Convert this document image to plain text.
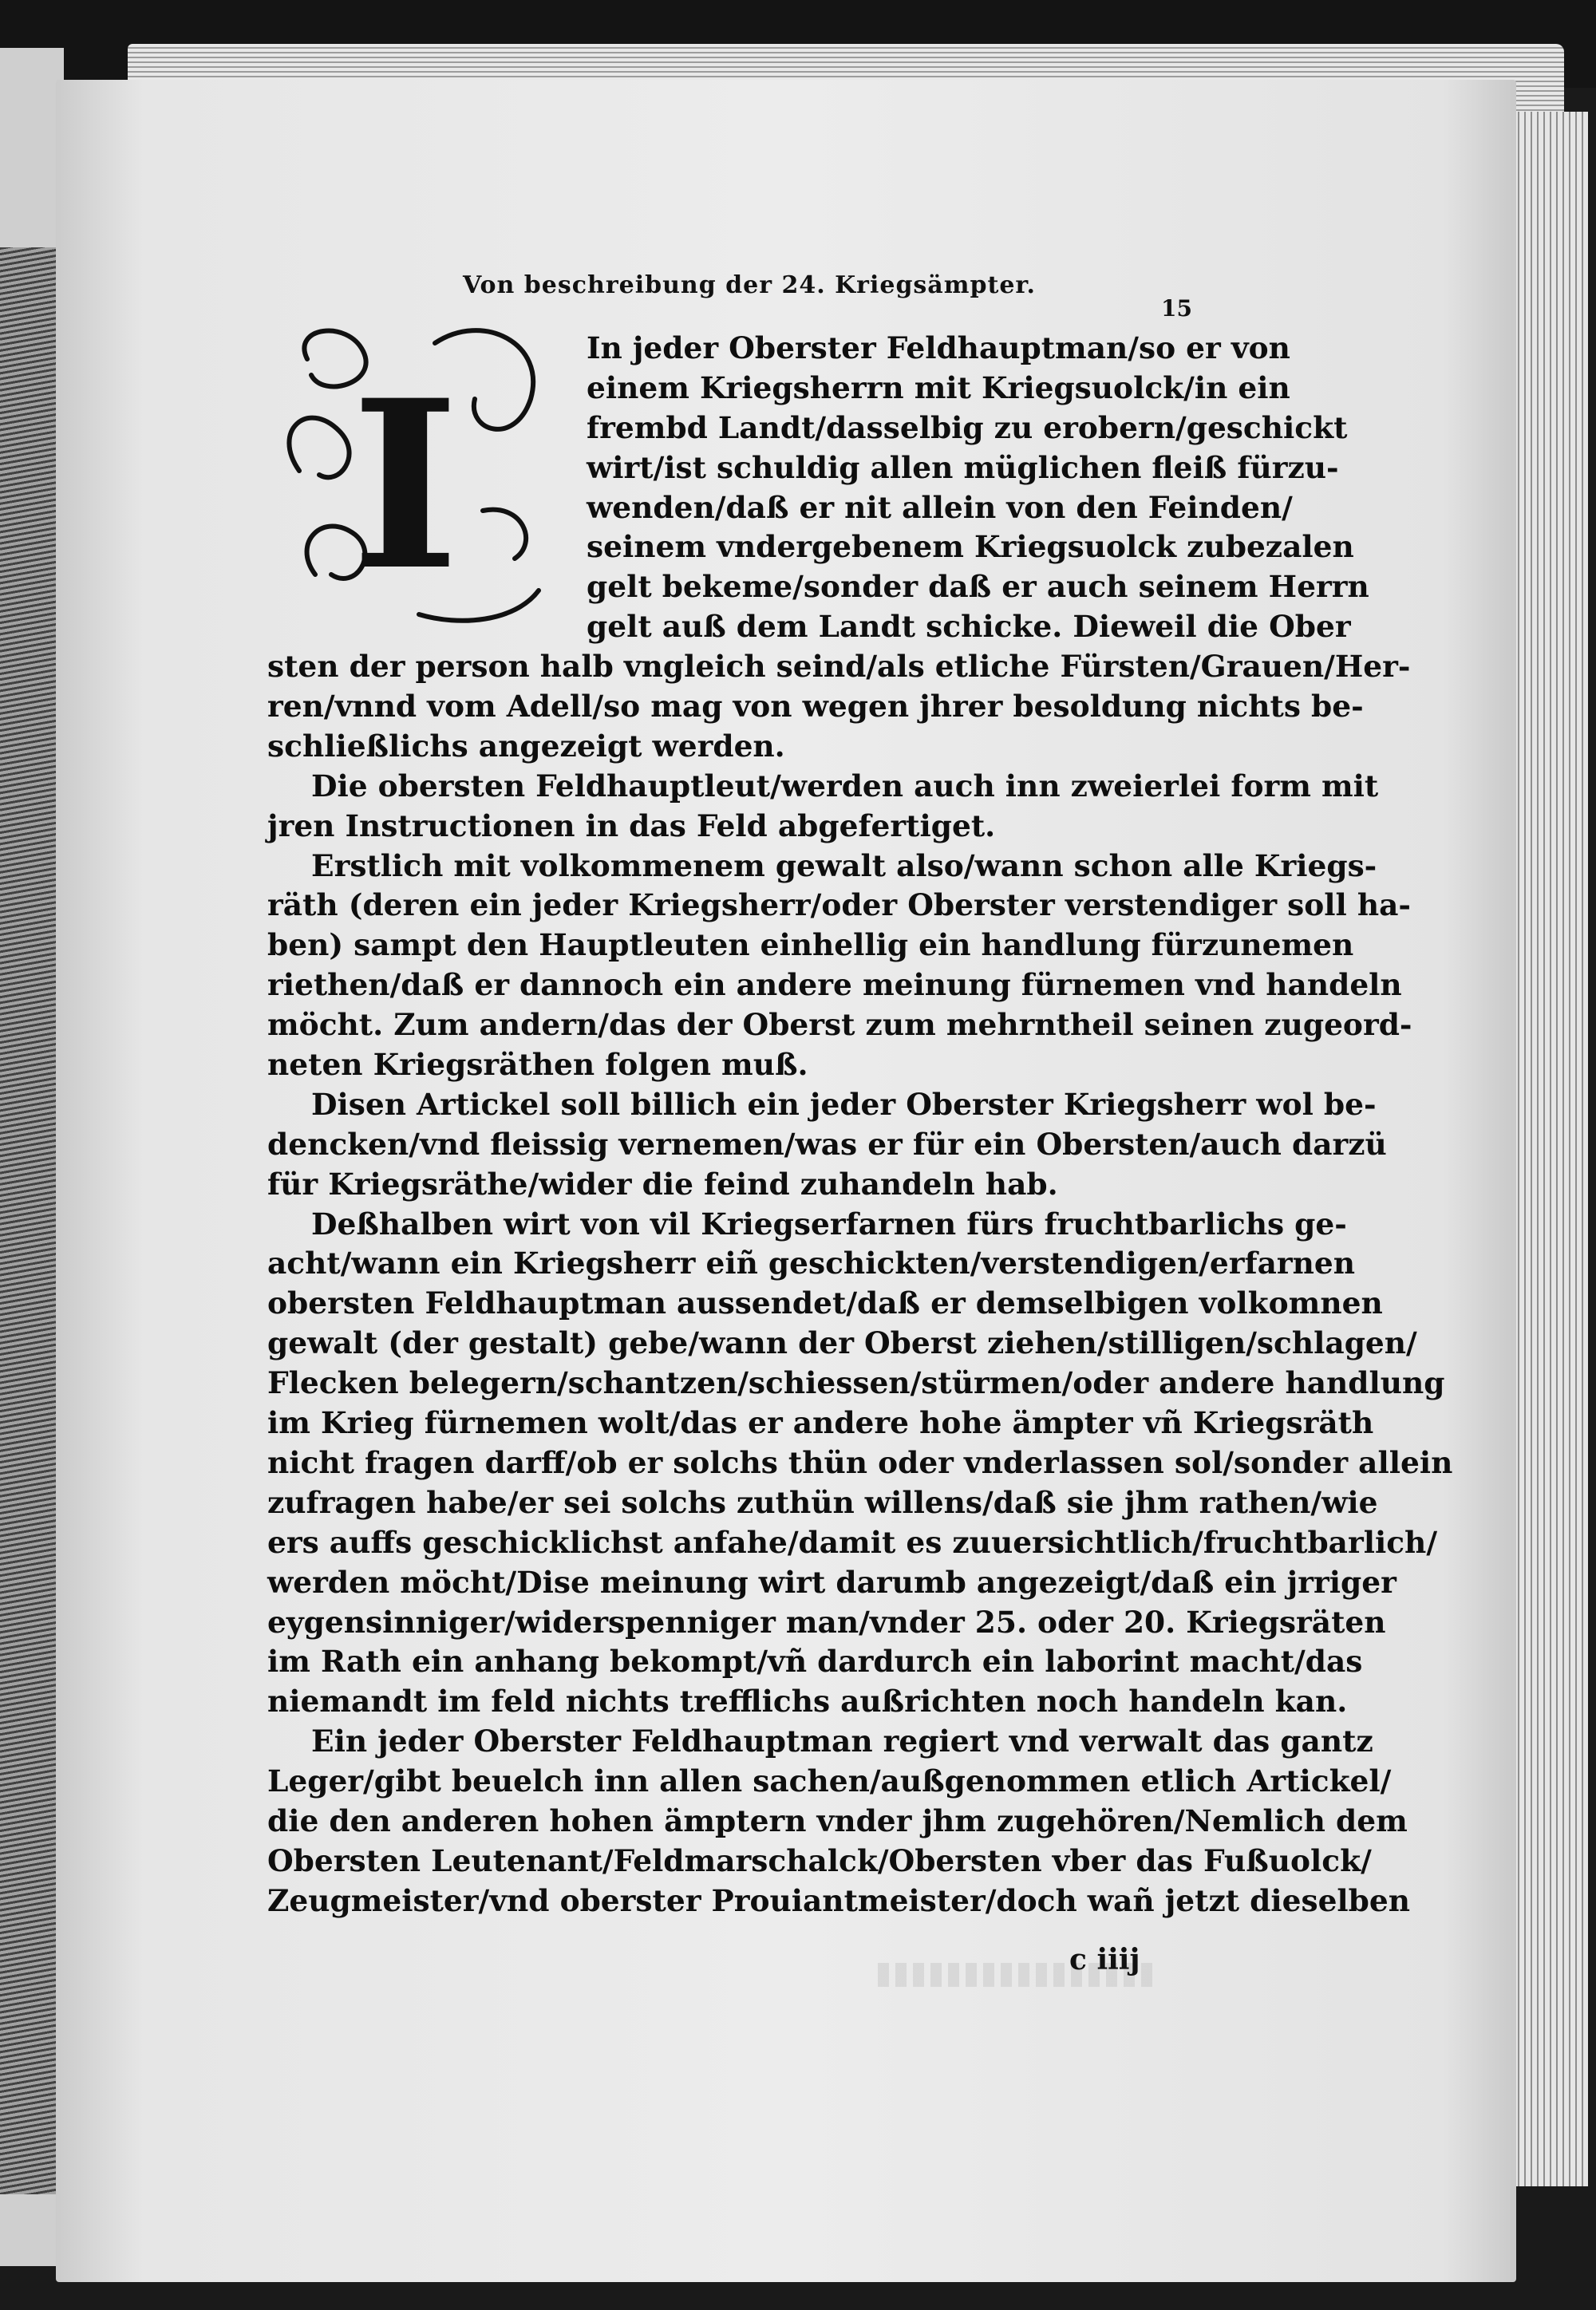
Von beschreibung der 24. Kriegsämpter.
15
I
In jeder Oberster Feldhauptman/so er von
einem Kriegsherrn mit Kriegsuolck/in ein
frembd Landt/dasselbig zu erobern/geschickt
wirt/ist schuldig allen müglichen fleiß fürzu-
wenden/daß er nit allein von den Feinden/
seinem vndergebenem Kriegsuolck zubezalen
gelt bekeme/sonder daß er auch seinem Herrn
gelt auß dem Landt schicke. Dieweil die Ober
sten der person halb vngleich seind/als etliche Fürsten/Grauen/Her-
ren/vnnd vom Adell/so mag von wegen jhrer besoldung nichts be-
schließlichs angezeigt werden.
Die obersten Feldhauptleut/werden auch inn zweierlei form mit
jren Instructionen in das Feld abgefertiget.
Erstlich mit volkommenem gewalt also/wann schon alle Kriegs-
räth (deren ein jeder Kriegsherr/oder Oberster verstendiger soll ha-
ben) sampt den Hauptleuten einhellig ein handlung fürzunemen
riethen/daß er dannoch ein andere meinung fürnemen vnd handeln
möcht. Zum andern/das der Oberst zum mehrntheil seinen zugeord-
neten Kriegsräthen folgen muß.
Disen Artickel soll billich ein jeder Oberster Kriegsherr wol be-
dencken/vnd fleissig vernemen/was er für ein Obersten/auch darzü
für Kriegsräthe/wider die feind zuhandeln hab.
Deßhalben wirt von vil Kriegserfarnen fürs fruchtbarlichs ge-
acht/wann ein Kriegsherr eiñ geschickten/verstendigen/erfarnen
obersten Feldhauptman aussendet/daß er demselbigen volkomnen
gewalt (der gestalt) gebe/wann der Oberst ziehen/stilligen/schlagen/
Flecken belegern/schantzen/schiessen/stürmen/oder andere handlung
im Krieg fürnemen wolt/das er andere hohe ämpter vñ Kriegsräth
nicht fragen darff/ob er solchs thün oder vnderlassen sol/sonder allein
zufragen habe/er sei solchs zuthün willens/daß sie jhm rathen/wie
ers auffs geschicklichst anfahe/damit es zuuersichtlich/fruchtbarlich/
werden möcht/Dise meinung wirt darumb angezeigt/daß ein jrriger
eygensinniger/widerspenniger man/vnder 25. oder 20. Kriegsräten
im Rath ein anhang bekompt/vñ dardurch ein laborint macht/das
niemandt im feld nichts trefflichs außrichten noch handeln kan.
Ein jeder Oberster Feldhauptman regiert vnd verwalt das gantz
Leger/gibt beuelch inn allen sachen/außgenommen etlich Artickel/
die den anderen hohen ämptern vnder jhm zugehören/Nemlich dem
Obersten Leutenant/Feldmarschalck/Obersten vber das Fußuolck/
Zeugmeister/vnd oberster Prouiantmeister/doch wañ jetzt dieselben
c iiij
